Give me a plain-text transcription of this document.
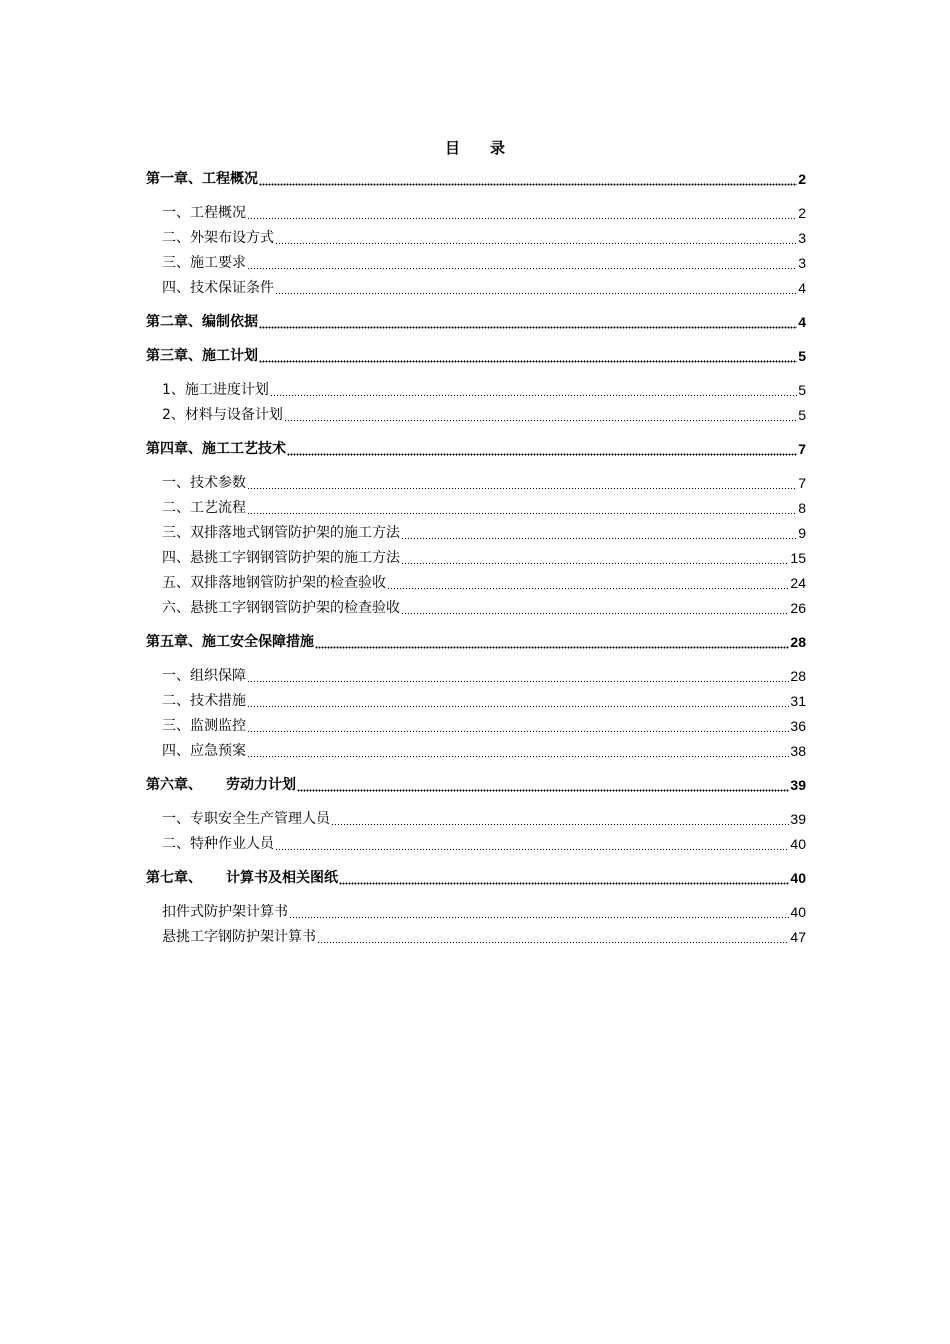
目录
第一章、工程概况	2
一、工程概况	2
二、外架布设方式	3
三、施工要求	3
四、技术保证条件	4
第二章、编制依据	4
第三章、施工计划	5
1、施工进度计划	5
2、材料与设备计划	5
第四章、施工工艺技术	7
一、技术参数	7
二、工艺流程	8
三、双排落地式钢管防护架的施工方法	9
四、悬挑工字钢钢管防护架的施工方法	15
五、双排落地钢管防护架的检查验收	24
六、悬挑工字钢钢管防护架的检查验收	26
第五章、施工安全保障措施	28
一、组织保障	28
二、技术措施	31
三、监测监控	36
四、应急预案	38
第六章、 劳动力计划	39
一、专职安全生产管理人员	39
二、特种作业人员	40
第七章、 计算书及相关图纸	40
扣件式防护架计算书	40
悬挑工字钢防护架计算书	47
